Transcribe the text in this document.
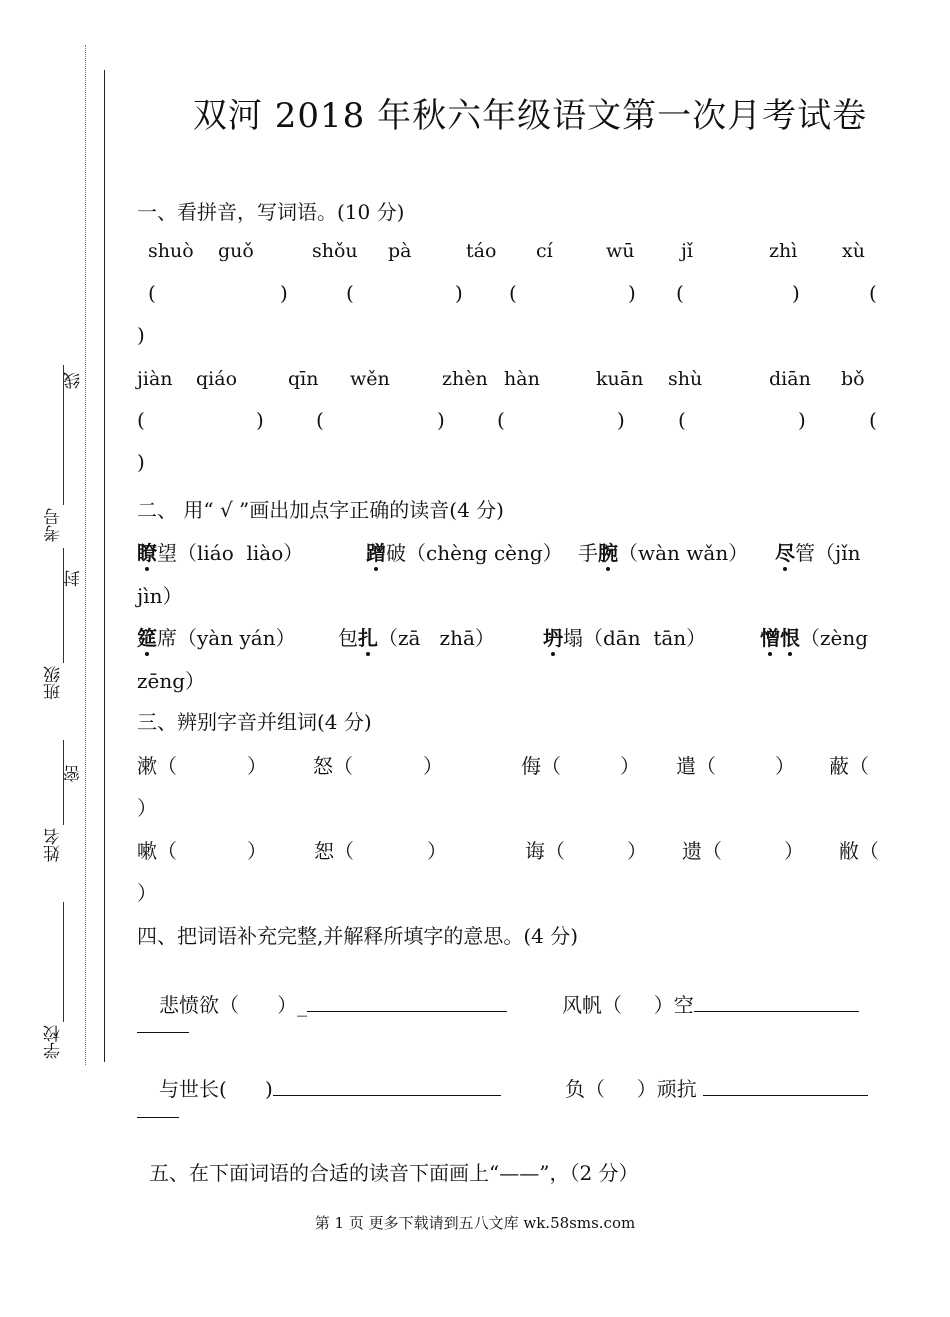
线
封
密
考号
班级
姓名
学校
双河 2018 年秋六年级语文第一次月考试卷
一、看拼音，写词语。(10 分)
shuò guǒ	shǒu pà	táo cí	wū jǐ	zhì xù
(	)	(	) (	) (	)	(
)
jiàn qiáo	qīn wěn	zhèn hàn	kuān shù	diān bǒ
(	)	(	)	(	)	(	)	(
)
二、 用“ √ ”画出加点字正确的读音(4 分)
瞭望（liáo  liào）	蹭破（chèng cèng） 手腕（wàn wǎn） 尽管（jǐn
jìn）
筵席（yàn yán） 包扎（zā   zhā） 坍塌（dān  tān）	憎恨（zèng
zēng）
三、辨别字音并组词(4 分)
漱（	） 怒（	）	侮（	） 遣（	） 蔽（
）
嗽（	） 恕（	）	诲（	） 遗（	） 敝（
）
四、把词语补充完整,并解释所填字的意思。(4 分)
悲愤欲（      ）_	风帆（     ）空
与世长(      )	负（     ）顽抗
五、在下面词语的合适的读音下面画上“——”，（2 分）
第 1 页 更多下载请到五八文库 wk.58sms.com
